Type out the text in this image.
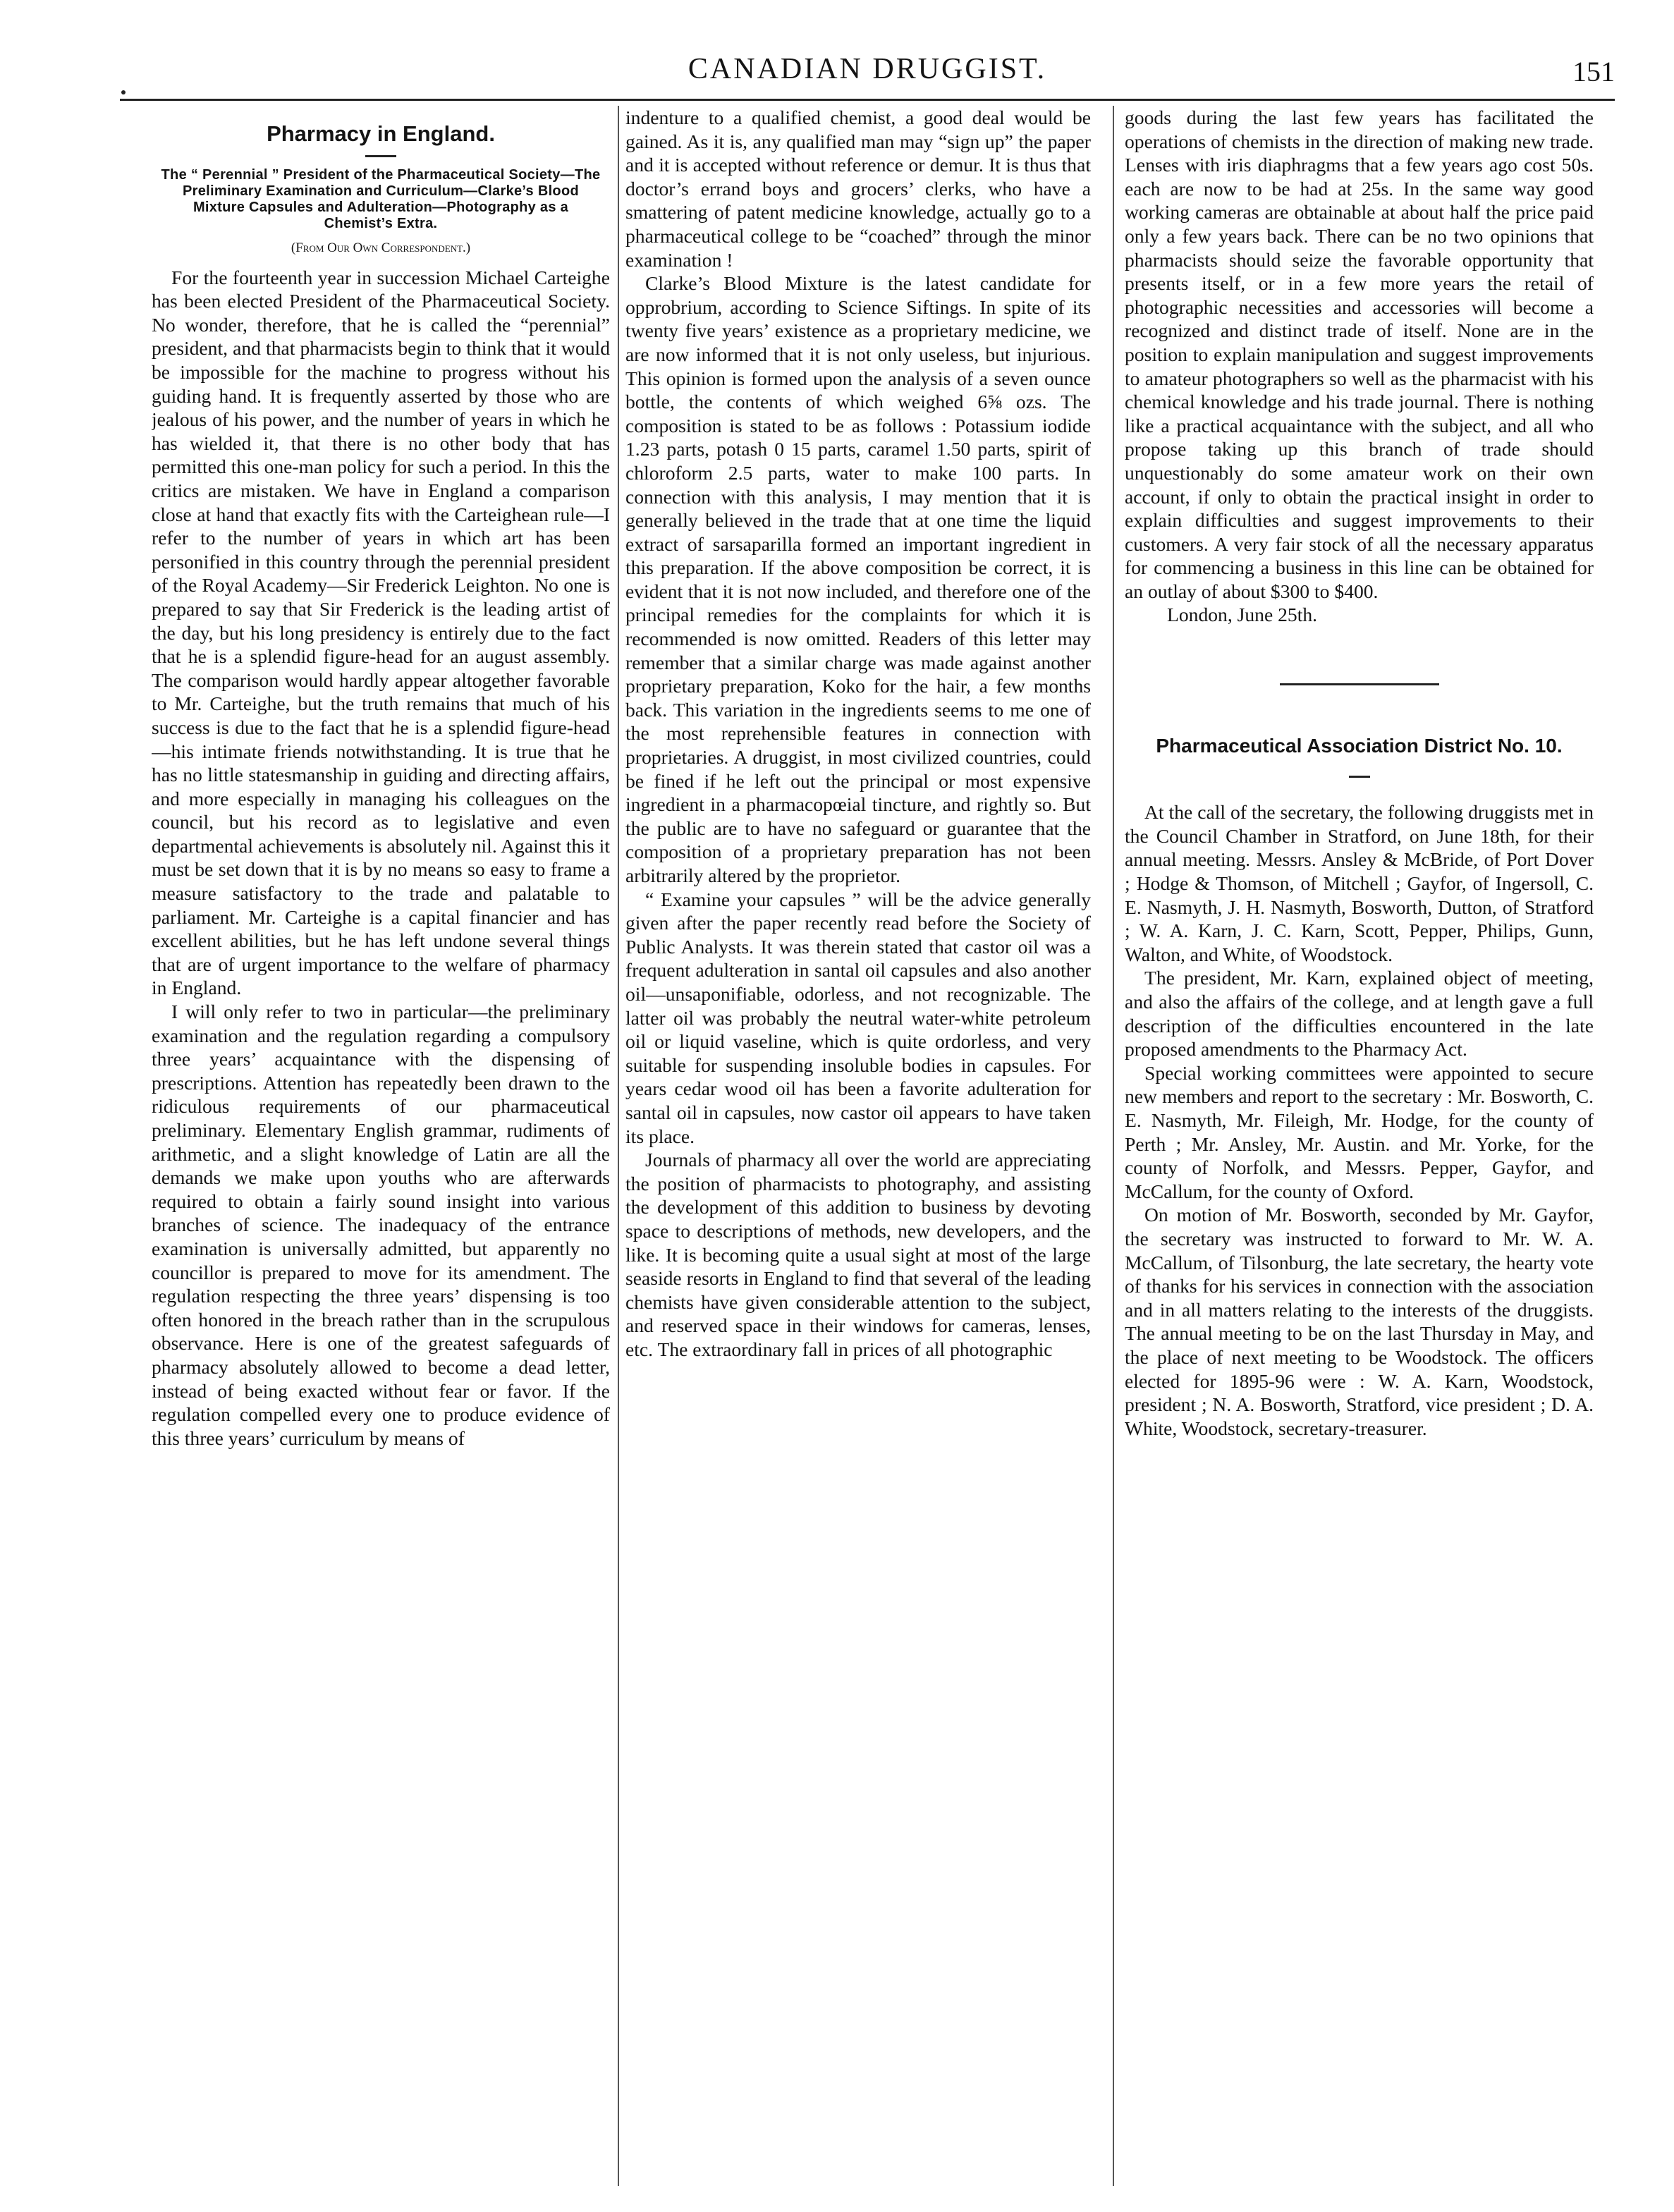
CANADIAN DRUGGIST.	151
Pharmacy in England.
The “ Perennial ” President of the Pharmaceutical Society—The Preliminary Examination and Curriculum—Clarke’s Blood Mixture Capsules and Adulteration—Photography as a Chemist’s Extra.
(From Our Own Correspondent.)

For the fourteenth year in succession Michael Carteighe has been elected President of the Pharmaceutical Society. No wonder, therefore, that he is called the “perennial” president, and that pharmacists begin to think that it would be impossible for the machine to progress without his guiding hand. It is frequently asserted by those who are jealous of his power, and the number of years in which he has wielded it, that there is no other body that has permitted this one-man policy for such a period. In this the critics are mistaken. We have in England a comparison close at hand that exactly fits with the Carteighean rule—I refer to the number of years in which art has been personified in this country through the perennial president of the Royal Academy—Sir Frederick Leighton. No one is prepared to say that Sir Frederick is the leading artist of the day, but his long presidency is entirely due to the fact that he is a splendid figure-head for an august assembly. The comparison would hardly appear altogether favorable to Mr. Carteighe, but the truth remains that much of his success is due to the fact that he is a splendid figure-head—his intimate friends notwithstanding. It is true that he has no little statesmanship in guiding and directing affairs, and more especially in managing his colleagues on the council, but his record as to legislative and even departmental achievements is absolutely nil. Against this it must be set down that it is by no means so easy to frame a measure satisfactory to the trade and palatable to parliament. Mr. Carteighe is a capital financier and has excellent abilities, but he has left undone several things that are of urgent importance to the welfare of pharmacy in England.

I will only refer to two in particular—the preliminary examination and the regulation regarding a compulsory three years’ acquaintance with the dispensing of prescriptions. Attention has repeatedly been drawn to the ridiculous requirements of our pharmaceutical preliminary. Elementary English grammar, rudiments of arithmetic, and a slight knowledge of Latin are all the demands we make upon youths who are afterwards required to obtain a fairly sound insight into various branches of science. The inadequacy of the entrance examination is universally admitted, but apparently no councillor is prepared to move for its amendment. The regulation respecting the three years’ dispensing is too often honored in the breach rather than in the scrupulous observance. Here is one of the greatest safeguards of pharmacy absolutely allowed to become a dead letter, instead of being exacted without fear or favor. If the regulation compelled every one to produce evidence of this three years’ curriculum by means of

indenture to a qualified chemist, a good deal would be gained. As it is, any qualified man may “sign up” the paper and it is accepted without reference or demur. It is thus that doctor’s errand boys and grocers’ clerks, who have a smattering of patent medicine knowledge, actually go to a pharmaceutical college to be “coached” through the minor examination !

Clarke’s Blood Mixture is the latest candidate for opprobrium, according to Science Siftings. In spite of its twenty five years’ existence as a proprietary medicine, we are now informed that it is not only useless, but injurious. This opinion is formed upon the analysis of a seven ounce bottle, the contents of which weighed 6⅝ ozs. The composition is stated to be as follows : Potassium iodide 1.23 parts, potash 0 15 parts, caramel 1.50 parts, spirit of chloroform 2.5 parts, water to make 100 parts. In connection with this analysis, I may mention that it is generally believed in the trade that at one time the liquid extract of sarsaparilla formed an important ingredient in this preparation. If the above composition be correct, it is evident that it is not now included, and therefore one of the principal remedies for the complaints for which it is recommended is now omitted. Readers of this letter may remember that a similar charge was made against another proprietary preparation, Koko for the hair, a few months back. This variation in the ingredients seems to me one of the most reprehensible features in connection with proprietaries. A druggist, in most civilized countries, could be fined if he left out the principal or most expensive ingredient in a pharmacopœial tincture, and rightly so. But the public are to have no safeguard or guarantee that the composition of a proprietary preparation has not been arbitrarily altered by the proprietor.

“ Examine your capsules ” will be the advice generally given after the paper recently read before the Society of Public Analysts. It was therein stated that castor oil was a frequent adulteration in santal oil capsules and also another oil—unsaponifiable, odorless, and not recognizable. The latter oil was probably the neutral water-white petroleum oil or liquid vaseline, which is quite ordorless, and very suitable for suspending insoluble bodies in capsules. For years cedar wood oil has been a favorite adulteration for santal oil in capsules, now castor oil appears to have taken its place.

Journals of pharmacy all over the world are appreciating the position of pharmacists to photography, and assisting the development of this addition to business by devoting space to descriptions of methods, new developers, and the like. It is becoming quite a usual sight at most of the large seaside resorts in England to find that several of the leading chemists have given considerable attention to the subject, and reserved space in their windows for cameras, lenses, etc. The extraordinary fall in prices of all photographic

goods during the last few years has facilitated the operations of chemists in the direction of making new trade. Lenses with iris diaphragms that a few years ago cost 50s. each are now to be had at 25s. In the same way good working cameras are obtainable at about half the price paid only a few years back. There can be no two opinions that pharmacists should seize the favorable opportunity that presents itself, or in a few more years the retail of photographic necessities and accessories will become a recognized and distinct trade of itself. None are in the position to explain manipulation and suggest improvements to amateur photographers so well as the pharmacist with his chemical knowledge and his trade journal. There is nothing like a practical acquaintance with the subject, and all who propose taking up this branch of trade should unquestionably do some amateur work on their own account, if only to obtain the practical insight in order to explain difficulties and suggest improvements to their customers. A very fair stock of all the necessary apparatus for commencing a business in this line can be obtained for an outlay of about $300 to $400.

London, June 25th.

Pharmaceutical Association District No. 10.

At the call of the secretary, the following druggists met in the Council Chamber in Stratford, on June 18th, for their annual meeting. Messrs. Ansley & McBride, of Port Dover ; Hodge & Thomson, of Mitchell ; Gayfor, of Ingersoll, C. E. Nasmyth, J. H. Nasmyth, Bosworth, Dutton, of Stratford ; W. A. Karn, J. C. Karn, Scott, Pepper, Philips, Gunn, Walton, and White, of Woodstock.

The president, Mr. Karn, explained object of meeting, and also the affairs of the college, and at length gave a full description of the difficulties encountered in the late proposed amendments to the Pharmacy Act.

Special working committees were appointed to secure new members and report to the secretary : Mr. Bosworth, C. E. Nasmyth, Mr. Fileigh, Mr. Hodge, for the county of Perth ; Mr. Ansley, Mr. Austin. and Mr. Yorke, for the county of Norfolk, and Messrs. Pepper, Gayfor, and McCallum, for the county of Oxford.

On motion of Mr. Bosworth, seconded by Mr. Gayfor, the secretary was instructed to forward to Mr. W. A. McCallum, of Tilsonburg, the late secretary, the hearty vote of thanks for his services in connection with the association and in all matters relating to the interests of the druggists. The annual meeting to be on the last Thursday in May, and the place of next meeting to be Woodstock. The officers elected for 1895-96 were : W. A. Karn, Woodstock, president ; N. A. Bosworth, Stratford, vice president ; D. A. White, Woodstock, secretary-treasurer.
